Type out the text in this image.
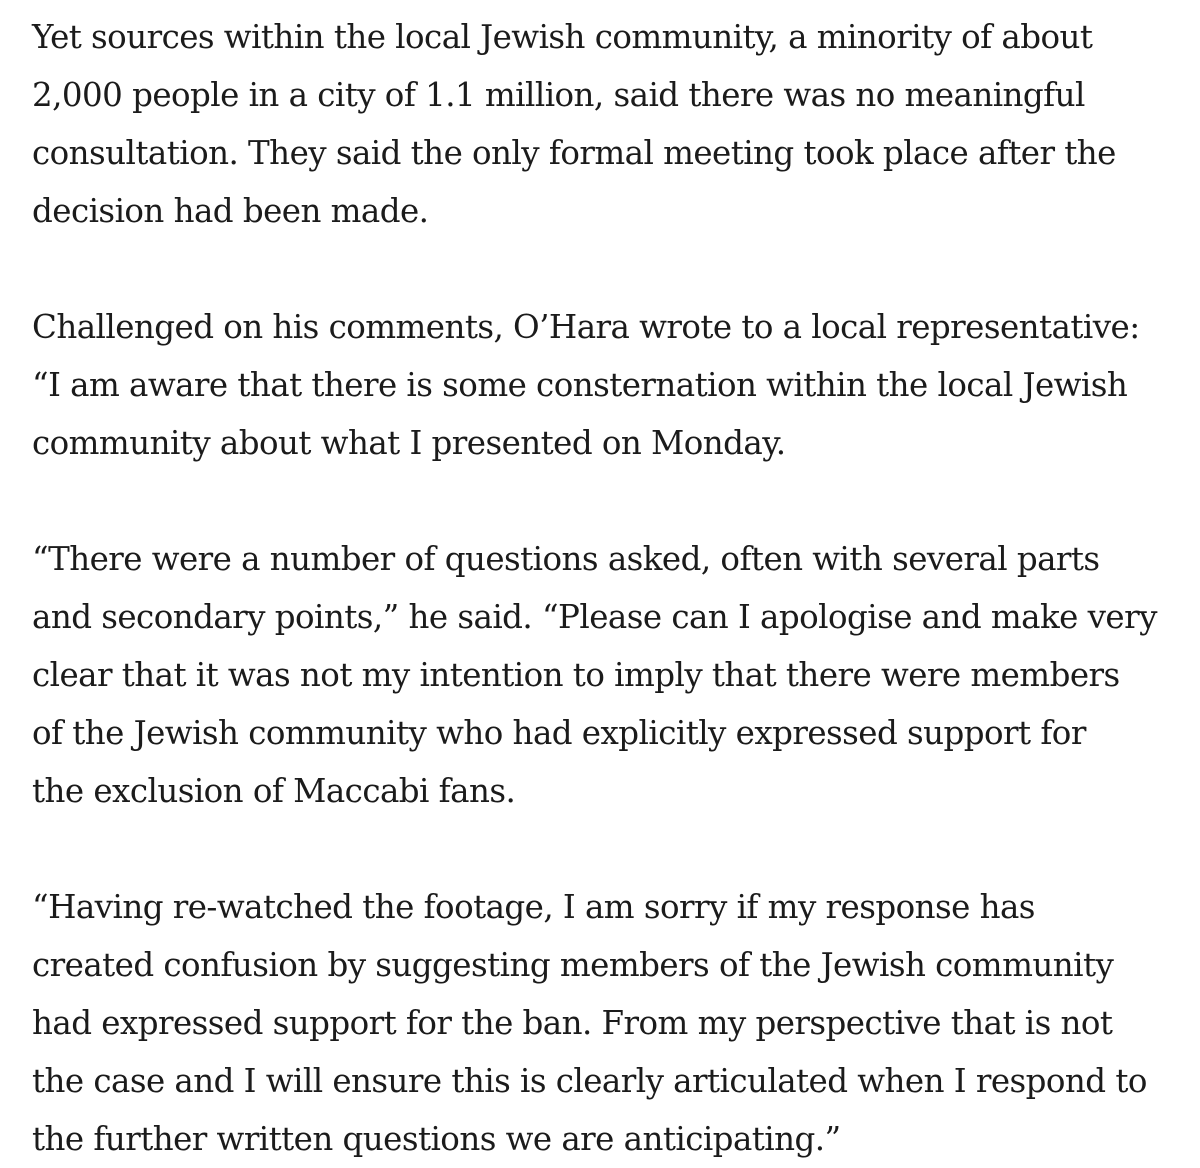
Yet sources within the local Jewish community, a minority of about
2,000 people in a city of 1.1 million, said there was no meaningful
consultation. They said the only formal meeting took place after the
decision had been made.

Challenged on his comments, O’Hara wrote to a local representative:
“I am aware that there is some consternation within the local Jewish
community about what I presented on Monday.

“There were a number of questions asked, often with several parts
and secondary points,” he said. “Please can I apologise and make very
clear that it was not my intention to imply that there were members
of the Jewish community who had explicitly expressed support for
the exclusion of Maccabi fans.

“Having re-watched the footage, I am sorry if my response has
created confusion by suggesting members of the Jewish community
had expressed support for the ban. From my perspective that is not
the case and I will ensure this is clearly articulated when I respond to
the further written questions we are anticipating.”
